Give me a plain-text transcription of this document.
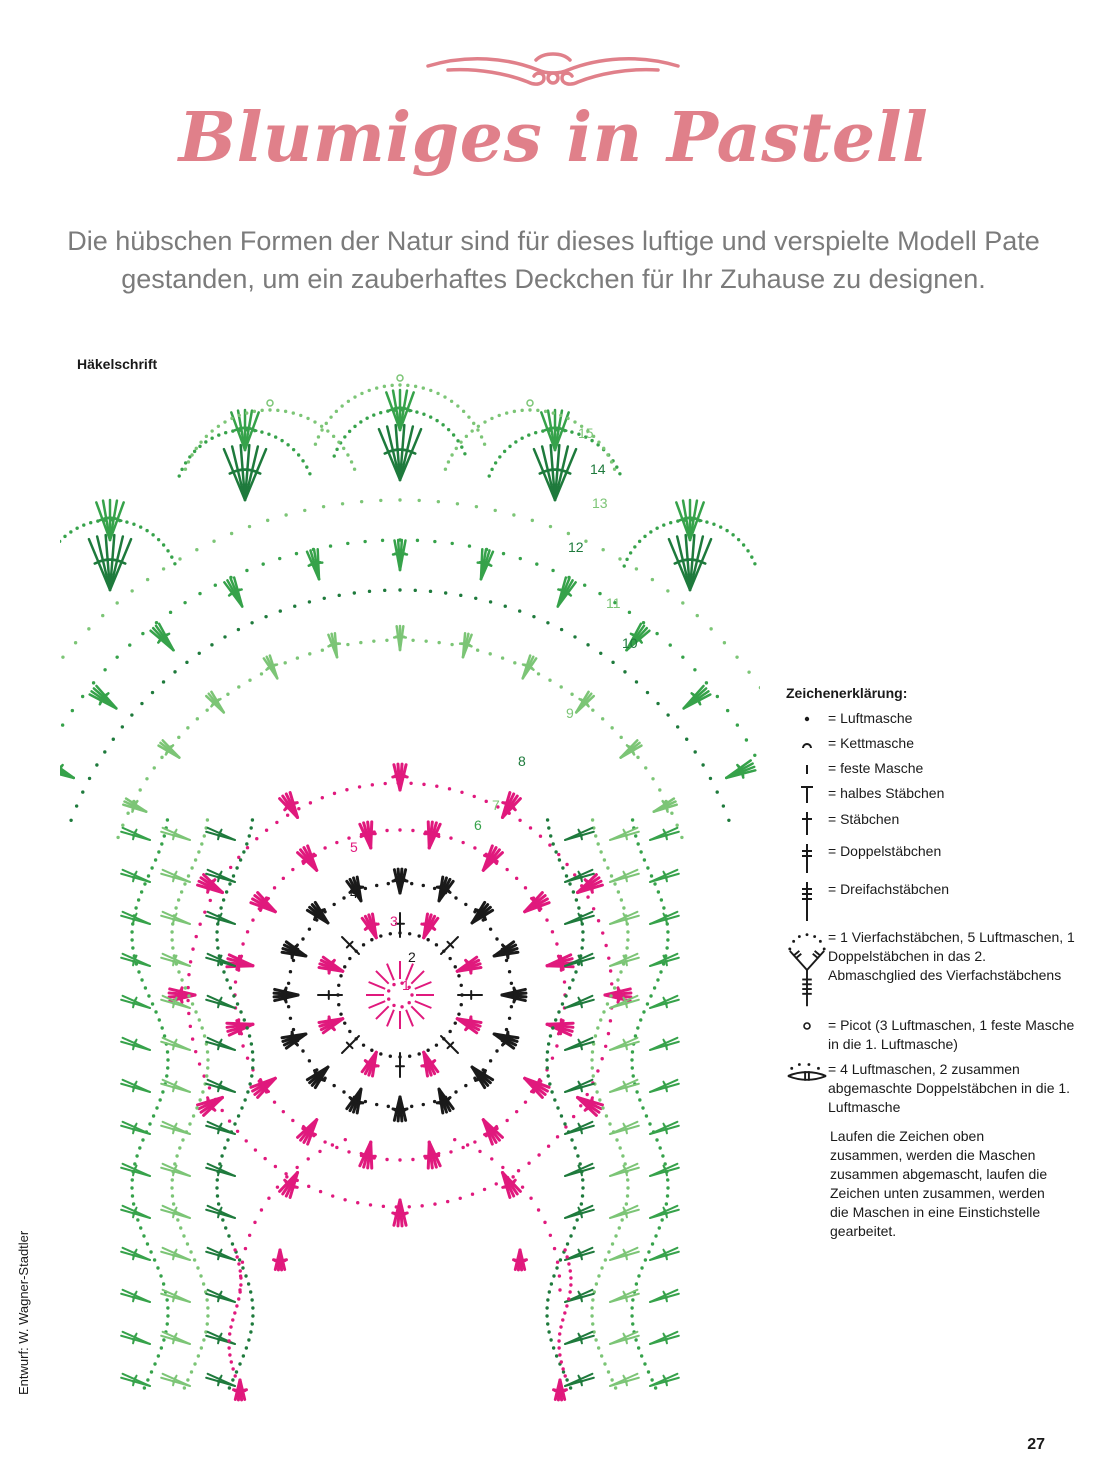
Blumiges in Pastell
Die hübschen Formen der Natur sind für dieses luftige und verspielte Modell Pate gestanden, um ein zauberhaftes Deckchen für Ihr Zuhause zu designen.
Häkelschrift
1
2
3
4
5
6
7
8
9
10
11
12
13
14
15
Zeichenerklärung:
= Luftmasche
= Kettmasche
= feste Masche
= halbes Stäbchen
= Stäbchen
= Doppelstäbchen
= Dreifachstäbchen
= 1 Vierfachstäbchen, 5 Luftmaschen, 1 Doppelstäbchen in das 2. Abmaschglied des Vierfachstäbchens
= Picot (3 Luftmaschen, 1 feste Masche in die 1. Luftmasche)
= 4 Luftmaschen, 2 zusammen abgemaschte Doppelstäbchen in die 1. Luftmasche
Laufen die Zeichen oben zusammen, werden die Maschen zusammen abgemascht, laufen die Zeichen unten zusammen, werden die Maschen in eine Einstichstelle gearbeitet.
Entwurf: W. Wagner-Stadtler
27
